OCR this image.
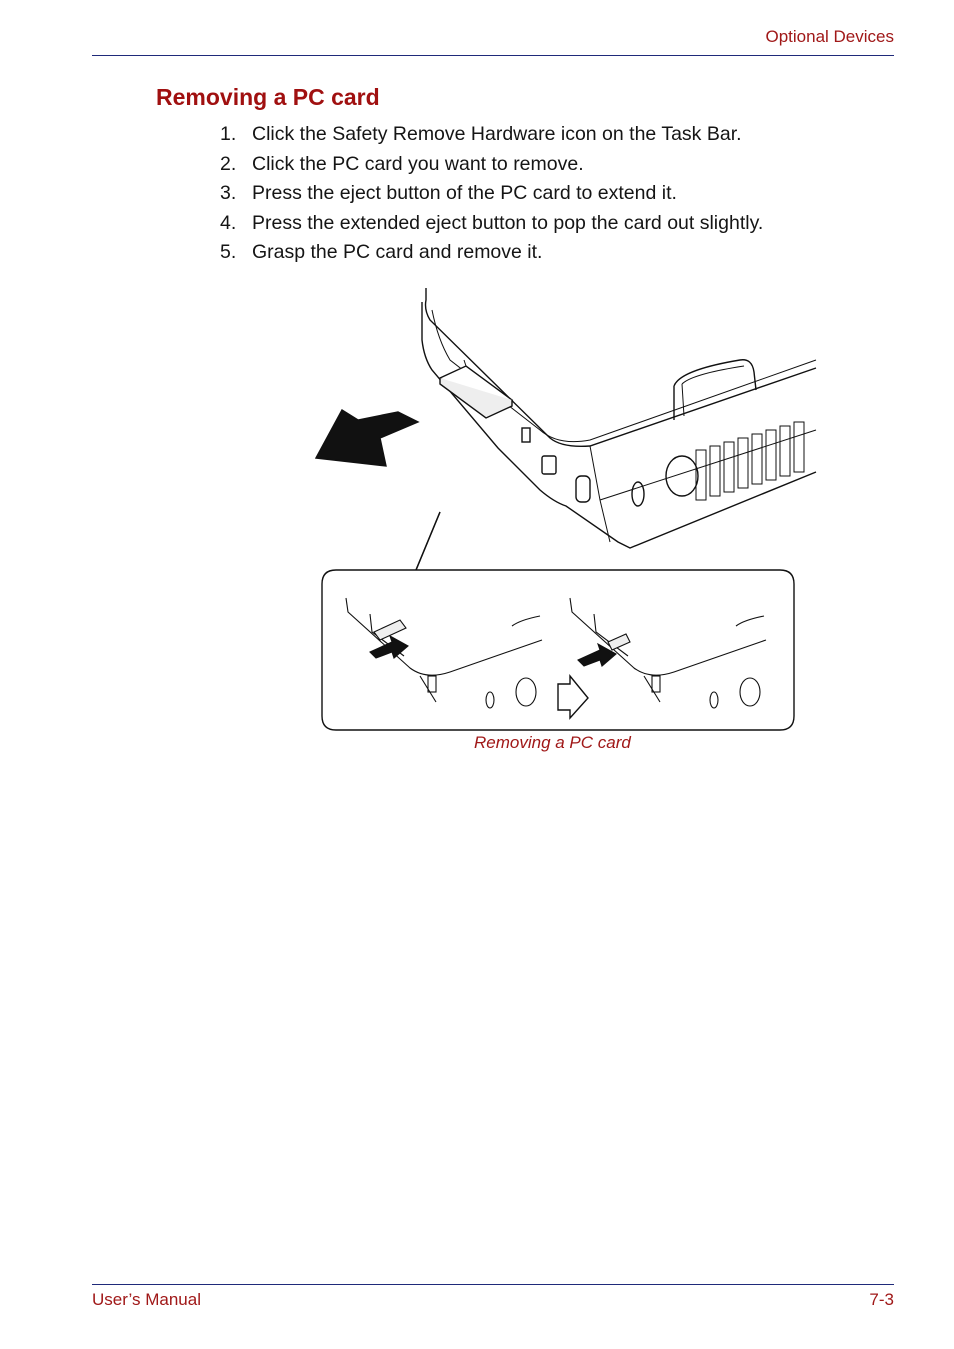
Optional Devices
Removing a PC card
1. Click the Safety Remove Hardware icon on the Task Bar.
2. Click the PC card you want to remove.
3. Press the eject button of the PC card to extend it.
4. Press the extended eject button to pop the card out slightly.
5. Grasp the PC card and remove it.
Removing a PC card
User’s Manual	7-3
